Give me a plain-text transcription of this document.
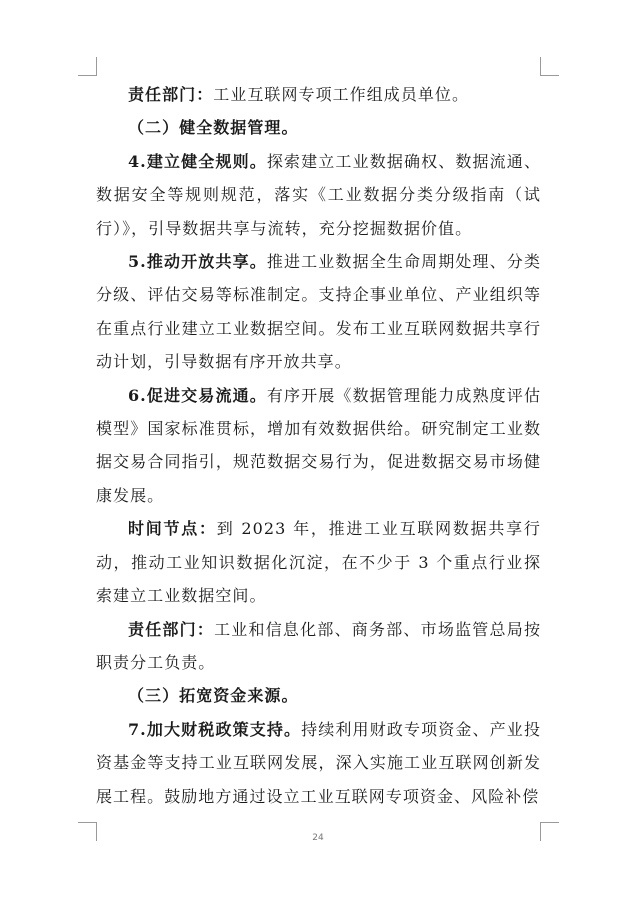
责任部门：工业互联网专项工作组成员单位。

（二）健全数据管理。

4.建立健全规则。探索建立工业数据确权、数据流通、数据安全等规则规范，落实《工业数据分类分级指南（试行）》，引导数据共享与流转，充分挖掘数据价值。

5.推动开放共享。推进工业数据全生命周期处理、分类分级、评估交易等标准制定。支持企事业单位、产业组织等在重点行业建立工业数据空间。发布工业互联网数据共享行动计划，引导数据有序开放共享。

6.促进交易流通。有序开展《数据管理能力成熟度评估模型》国家标准贯标，增加有效数据供给。研究制定工业数据交易合同指引，规范数据交易行为，促进数据交易市场健康发展。

时间节点：到 2023 年，推进工业互联网数据共享行动，推动工业知识数据化沉淀，在不少于 3 个重点行业探索建立工业数据空间。

责任部门：工业和信息化部、商务部、市场监管总局按职责分工负责。

（三）拓宽资金来源。

7.加大财税政策支持。持续利用财政专项资金、产业投资基金等支持工业互联网发展，深入实施工业互联网创新发展工程。鼓励地方通过设立工业互联网专项资金、风险补偿

24
